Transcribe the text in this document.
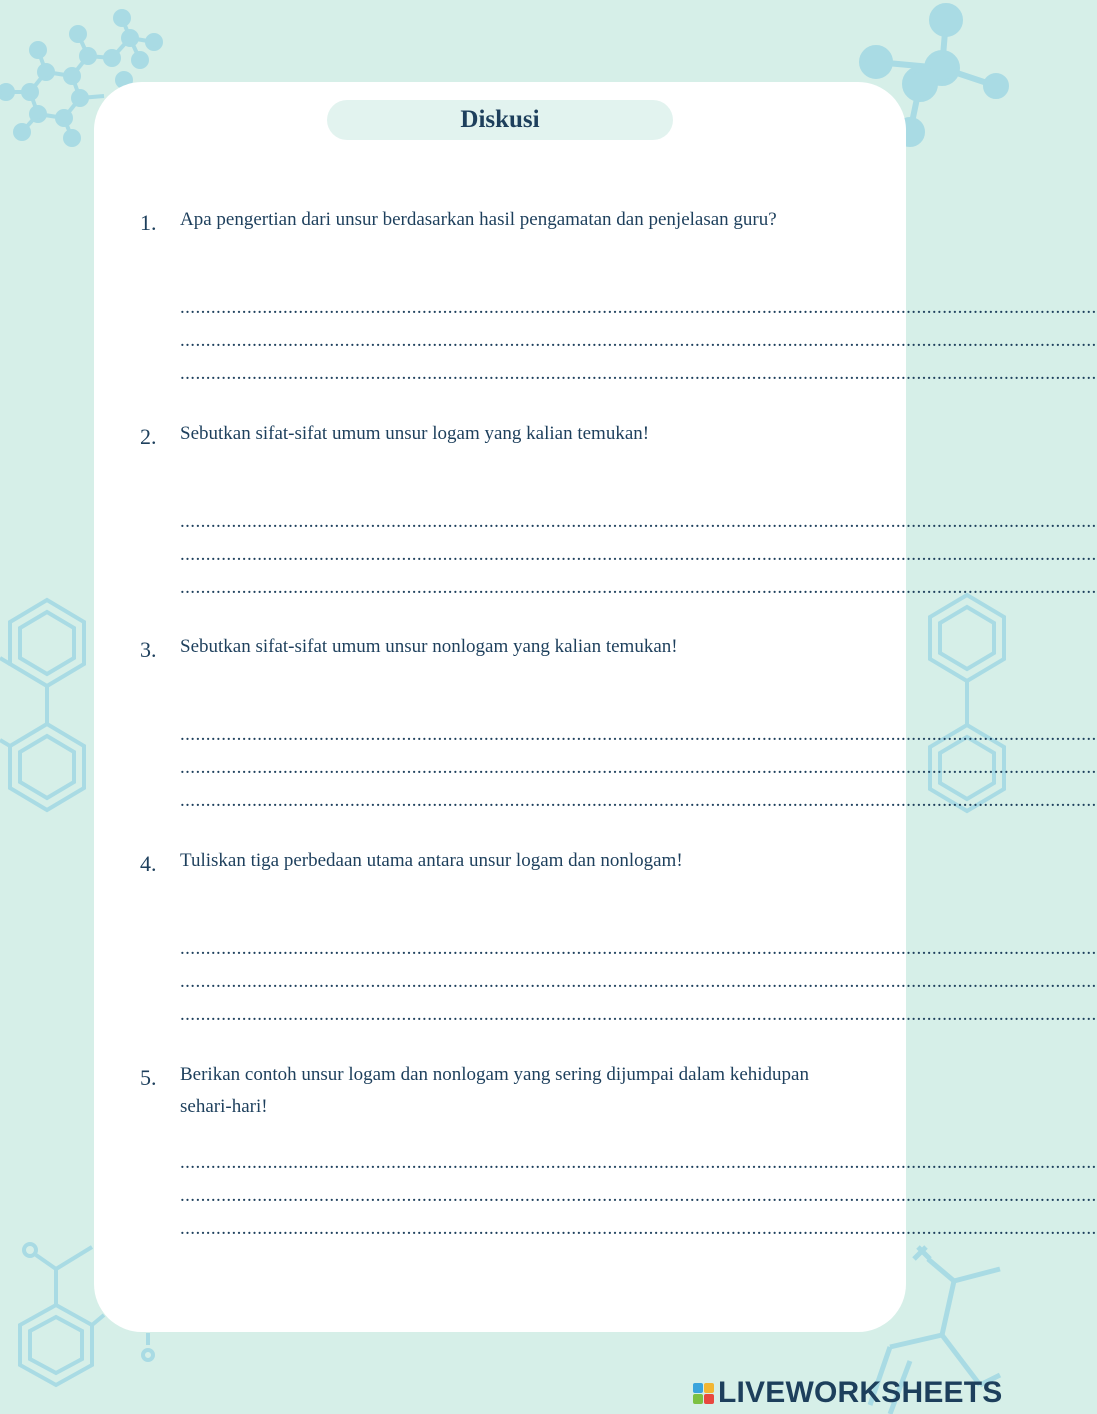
Diskusi
1. Apa pengertian dari unsur berdasarkan hasil pengamatan dan penjelasan guru?
..................................................................................................................................................................................
..................................................................................................................................................................................
..................................................................................................................................................................................
2. Sebutkan sifat-sifat umum unsur logam yang kalian temukan!
..................................................................................................................................................................................
..................................................................................................................................................................................
..................................................................................................................................................................................
3. Sebutkan sifat-sifat umum unsur nonlogam yang kalian temukan!
..................................................................................................................................................................................
..................................................................................................................................................................................
..................................................................................................................................................................................
4. Tuliskan tiga perbedaan utama antara unsur logam dan nonlogam!
..................................................................................................................................................................................
..................................................................................................................................................................................
..................................................................................................................................................................................
5. Berikan contoh unsur logam dan nonlogam yang sering dijumpai dalam kehidupan sehari-hari!
..................................................................................................................................................................................
..................................................................................................................................................................................
..................................................................................................................................................................................
LIVEWORKSHEETS
